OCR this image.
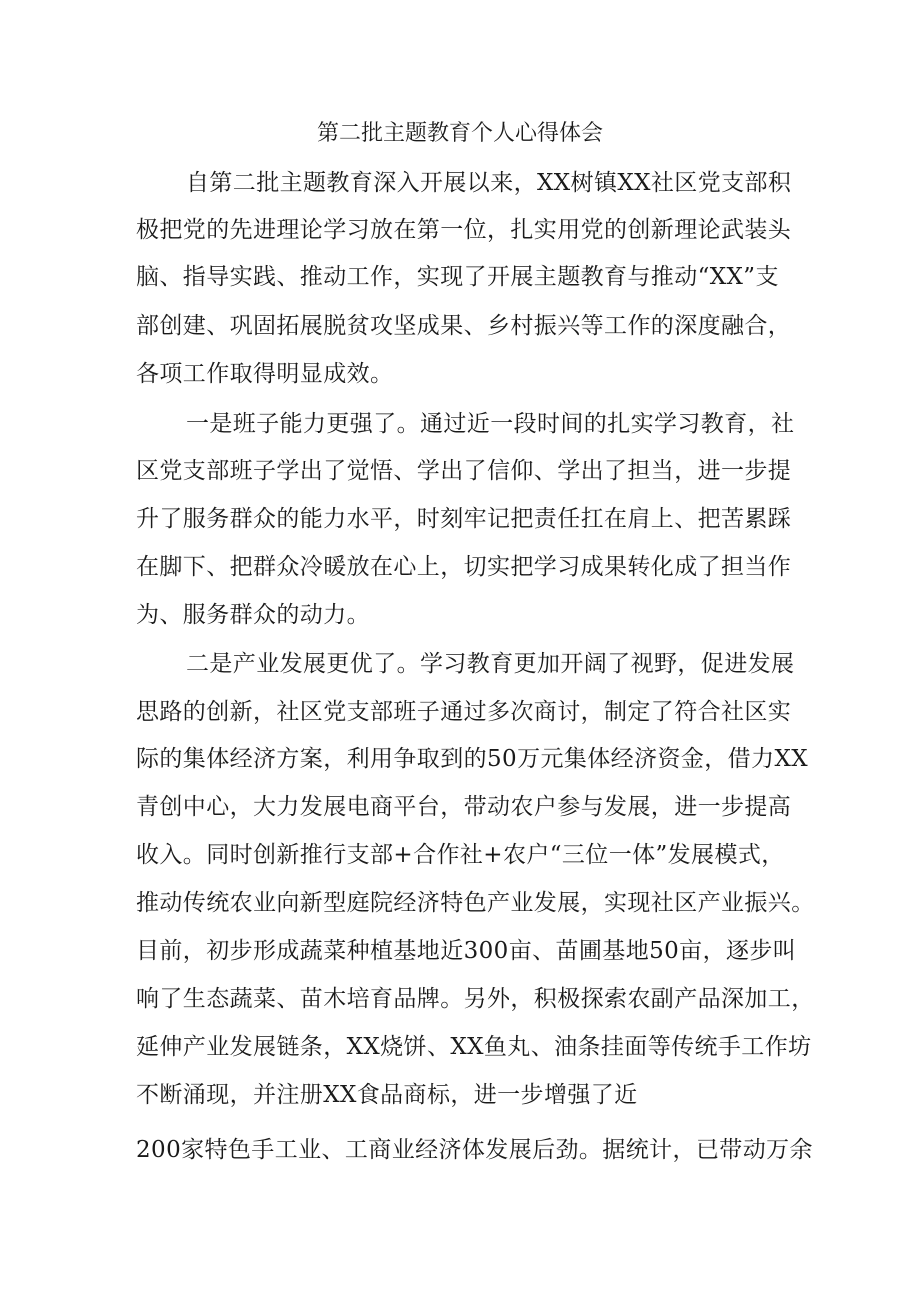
第二批主题教育个人心得体会
自第二批主题教育深入开展以来，XX树镇XX社区党支部积
极把党的先进理论学习放在第一位，扎实用党的创新理论武装头
脑、指导实践、推动工作，实现了开展主题教育与推动“XX”支
部创建、巩固拓展脱贫攻坚成果、乡村振兴等工作的深度融合，
各项工作取得明显成效。
一是班子能力更强了。通过近一段时间的扎实学习教育，社
区党支部班子学出了觉悟、学出了信仰、学出了担当，进一步提
升了服务群众的能力水平，时刻牢记把责任扛在肩上、把苦累踩
在脚下、把群众冷暖放在心上，切实把学习成果转化成了担当作
为、服务群众的动力。
二是产业发展更优了。学习教育更加开阔了视野，促进发展
思路的创新，社区党支部班子通过多次商讨，制定了符合社区实
际的集体经济方案，利用争取到的50万元集体经济资金，借力XX
青创中心，大力发展电商平台，带动农户参与发展，进一步提高
收入。同时创新推行支部+合作社+农户“三位一体”发展模式，
推动传统农业向新型庭院经济特色产业发展，实现社区产业振兴。
目前，初步形成蔬菜种植基地近300亩、苗圃基地50亩，逐步叫
响了生态蔬菜、苗木培育品牌。另外，积极探索农副产品深加工，
延伸产业发展链条，XX烧饼、XX鱼丸、油条挂面等传统手工作坊
不断涌现，并注册XX食品商标，进一步增强了近
200家特色手工业、工商业经济体发展后劲。据统计，已带动万余
